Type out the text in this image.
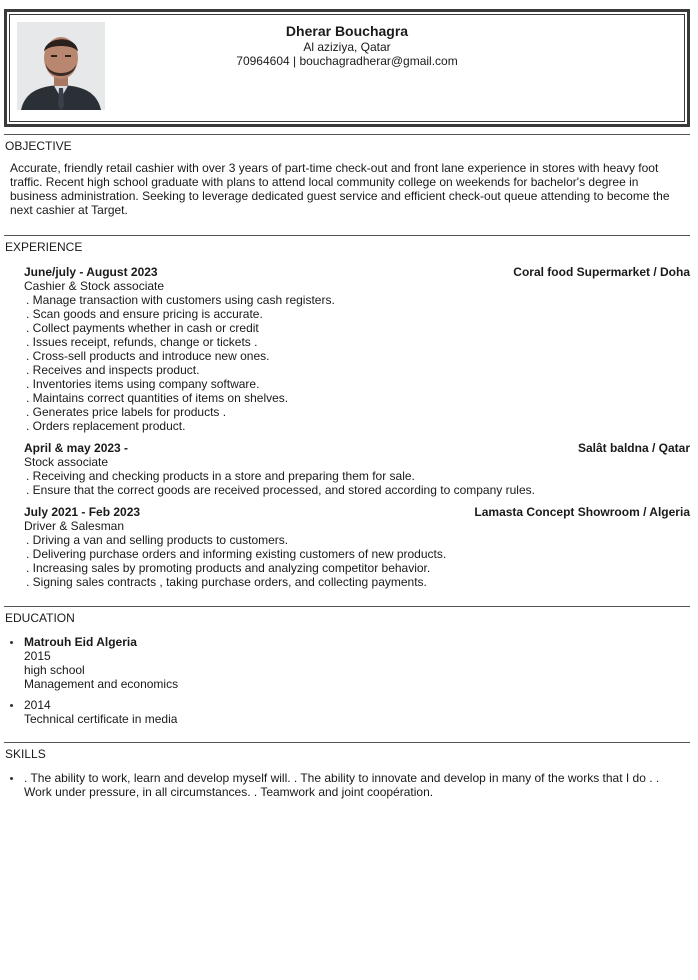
Dherar Bouchagra
Al aziziya, Qatar
70964604 | bouchagradherar@gmail.com
OBJECTIVE
Accurate, friendly retail cashier with over 3 years of part-time check-out and front lane experience in stores with heavy foot traffic. Recent high school graduate with plans to attend local community college on weekends for bachelor's degree in business administration. Seeking to leverage dedicated guest service and efficient check-out queue attending to become the next cashier at Target.
EXPERIENCE
June/july - August 2023	Coral food Supermarket / Doha
Cashier & Stock associate
. Manage transaction with customers using cash registers.
. Scan goods and ensure pricing is accurate.
. Collect payments whether in cash or credit
. Issues receipt, refunds, change or tickets .
. Cross-sell products and introduce new ones.
. Receives and inspects product.
. Inventories items using company software.
. Maintains correct quantities of items on shelves.
. Generates price labels for products .
. Orders replacement product.
April & may 2023 -	Salât baldna / Qatar
Stock associate
. Receiving and checking products in a store and preparing them for sale.
. Ensure that the correct goods are received processed, and stored according to company rules.
July 2021 - Feb 2023	Lamasta Concept Showroom / Algeria
Driver & Salesman
. Driving a van and selling products to customers.
. Delivering purchase orders and informing existing customers of new products.
. Increasing sales by promoting products and analyzing competitor behavior.
. Signing sales contracts , taking purchase orders, and collecting payments.
EDUCATION
Matrouh Eid Algeria
2015
high school
Management and economics
2014
Technical certificate in media
SKILLS
. The ability to work, learn and develop myself will. . The ability to innovate and develop in many of the works that I do . . Work under pressure, in all circumstances. . Teamwork and joint coopération.
